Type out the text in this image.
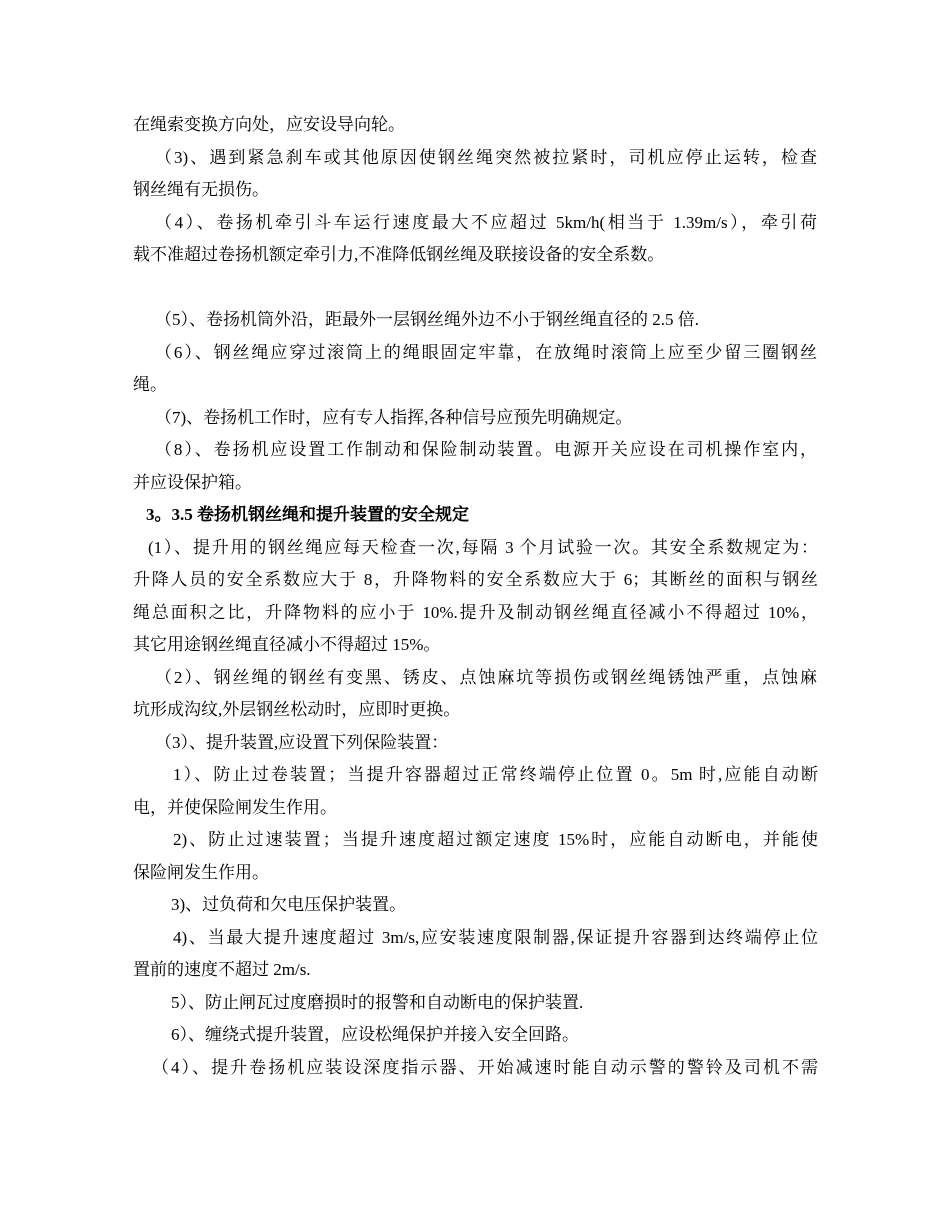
在绳索变换方向处，应安设导向轮。
（3)、遇到紧急刹车或其他原因使钢丝绳突然被拉紧时，司机应停止运转，检查
钢丝绳有无损伤。
（4）、卷扬机牵引斗车运行速度最大不应超过 5km/h(相当于 1.39m/s），牵引荷
载不准超过卷扬机额定牵引力,不准降低钢丝绳及联接设备的安全系数。
（5）、卷扬机筒外沿，距最外一层钢丝绳外边不小于钢丝绳直径的 2.5 倍.
（6）、钢丝绳应穿过滚筒上的绳眼固定牢靠，在放绳时滚筒上应至少留三圈钢丝
绳。
（7)、卷扬机工作时，应有专人指挥,各种信号应预先明确规定。
（8）、卷扬机应设置工作制动和保险制动装置。电源开关应设在司机操作室内，
并应设保护箱。
3。3.5 卷扬机钢丝绳和提升装置的安全规定
(1）、提升用的钢丝绳应每天检查一次,每隔 3 个月试验一次。其安全系数规定为：
升降人员的安全系数应大于 8，升降物料的安全系数应大于 6；其断丝的面积与钢丝
绳总面积之比，升降物料的应小于 10%.提升及制动钢丝绳直径减小不得超过 10%，
其它用途钢丝绳直径减小不得超过 15%。
（2）、钢丝绳的钢丝有变黑、锈皮、点蚀麻坑等损伤或钢丝绳锈蚀严重，点蚀麻
坑形成沟纹,外层钢丝松动时，应即时更换。
（3）、提升装置,应设置下列保险装置：
1）、防止过卷装置；当提升容器超过正常终端停止位置 0。5m 时,应能自动断
电，并使保险闸发生作用。
2)、防止过速装置；当提升速度超过额定速度 15%时，应能自动断电，并能使
保险闸发生作用。
3)、过负荷和欠电压保护装置。
4)、当最大提升速度超过 3m/s,应安装速度限制器,保证提升容器到达终端停止位
置前的速度不超过 2m/s.
5）、防止闸瓦过度磨损时的报警和自动断电的保护装置.
6）、缠绕式提升装置，应设松绳保护并接入安全回路。
（4）、提升卷扬机应装设深度指示器、开始减速时能自动示警的警铃及司机不需
